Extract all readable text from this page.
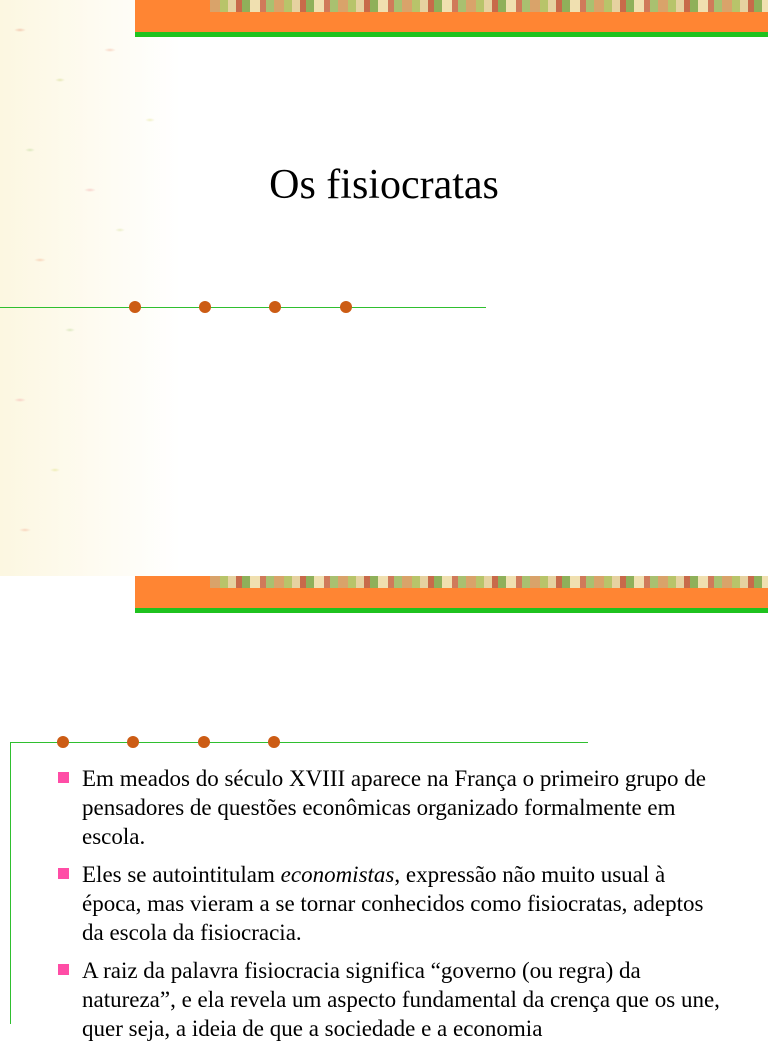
Os fisiocratas
Em meados do século XVIII aparece na França o primeiro grupo de pensadores de questões econômicas organizado formalmente em escola.
Eles se autointitulam economistas, expressão não muito usual à época, mas vieram a se tornar conhecidos como fisiocratas, adeptos da escola da fisiocracia.
A raiz da palavra fisiocracia significa “governo (ou regra) da natureza”, e ela revela um aspecto fundamental da crença que os une, quer seja, a ideia de que a sociedade e a economia
